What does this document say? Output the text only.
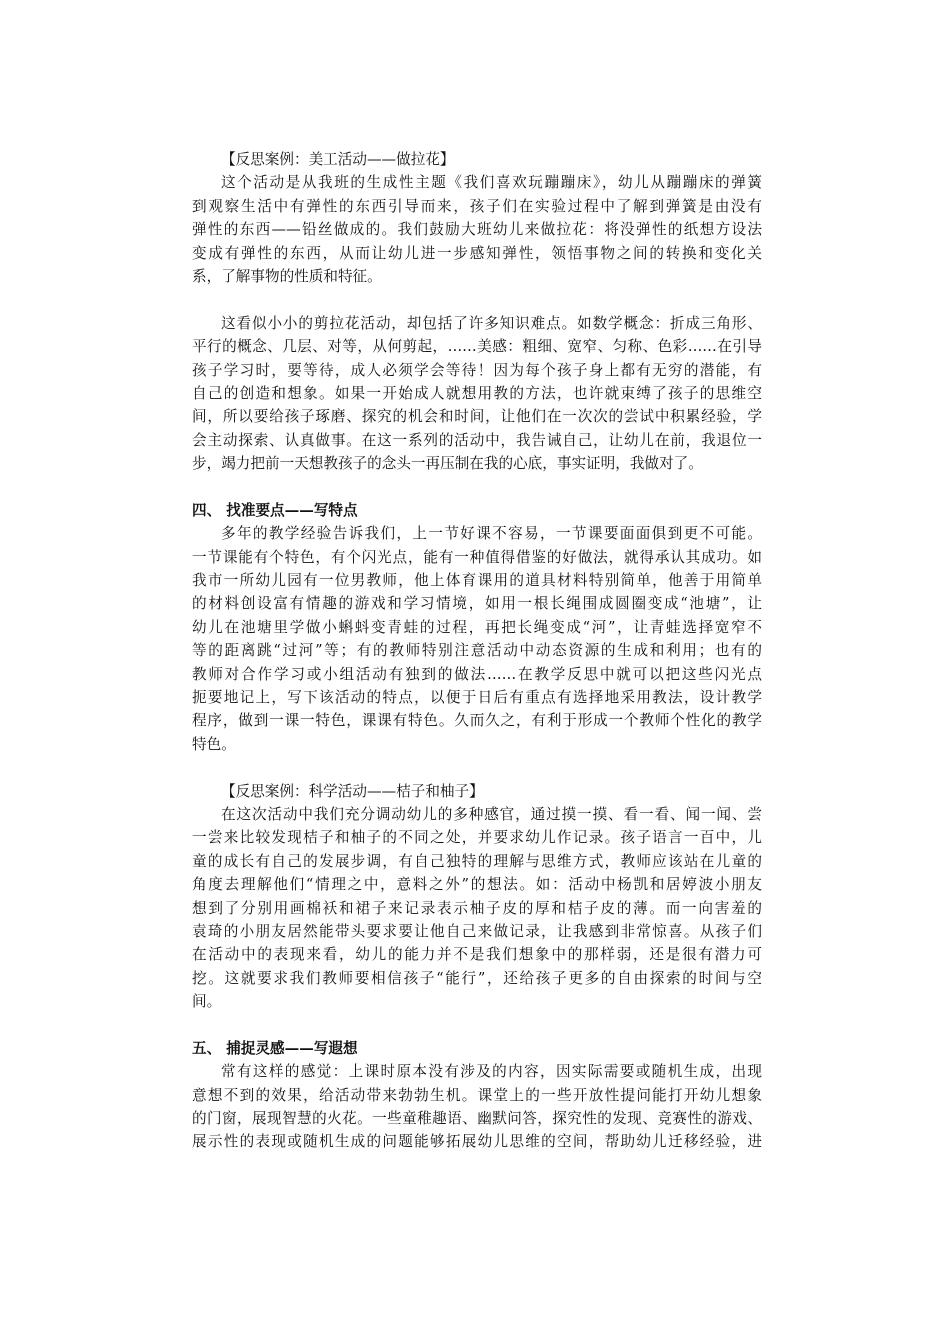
【反思案例：美工活动——做拉花】
这个活动是从我班的生成性主题《我们喜欢玩蹦蹦床》，幼儿从蹦蹦床的弹簧
到观察生活中有弹性的东西引导而来，孩子们在实验过程中了解到弹簧是由没有
弹性的东西——铅丝做成的。我们鼓励大班幼儿来做拉花：将没弹性的纸想方设法
变成有弹性的东西，从而让幼儿进一步感知弹性，领悟事物之间的转换和变化关
系，了解事物的性质和特征。
这看似小小的剪拉花活动，却包括了许多知识难点。如数学概念：折成三角形、
平行的概念、几层、对等，从何剪起，……美感：粗细、宽窄、匀称、色彩……在引导
孩子学习时，要等待，成人必须学会等待！因为每个孩子身上都有无穷的潜能，有
自己的创造和想象。如果一开始成人就想用教的方法，也许就束缚了孩子的思维空
间，所以要给孩子琢磨、探究的机会和时间，让他们在一次次的尝试中积累经验，学
会主动探索、认真做事。在这一系列的活动中，我告诫自己，让幼儿在前，我退位一
步，竭力把前一天想教孩子的念头一再压制在我的心底，事实证明，我做对了。
四、 找准要点——写特点
多年的教学经验告诉我们，上一节好课不容易，一节课要面面俱到更不可能。
一节课能有个特色，有个闪光点，能有一种值得借鉴的好做法，就得承认其成功。如
我市一所幼儿园有一位男教师，他上体育课用的道具材料特别简单，他善于用简单
的材料创设富有情趣的游戏和学习情境，如用一根长绳围成圆圈变成“池塘”，让
幼儿在池塘里学做小蝌蚪变青蛙的过程，再把长绳变成“河”，让青蛙选择宽窄不
等的距离跳“过河”等；有的教师特别注意活动中动态资源的生成和利用；也有的
教师对合作学习或小组活动有独到的做法……在教学反思中就可以把这些闪光点
扼要地记上，写下该活动的特点，以便于日后有重点有选择地采用教法，设计教学
程序，做到一课一特色，课课有特色。久而久之，有利于形成一个教师个性化的教学
特色。
【反思案例：科学活动——桔子和柚子】
在这次活动中我们充分调动幼儿的多种感官，通过摸一摸、看一看、闻一闻、尝
一尝来比较发现桔子和柚子的不同之处，并要求幼儿作记录。孩子语言一百中，儿
童的成长有自己的发展步调，有自己独特的理解与思维方式，教师应该站在儿童的
角度去理解他们“情理之中，意料之外”的想法。如：活动中杨凯和居婷波小朋友
想到了分别用画棉袄和裙子来记录表示柚子皮的厚和桔子皮的薄。而一向害羞的
袁琦的小朋友居然能带头要求要让他自己来做记录，让我感到非常惊喜。从孩子们
在活动中的表现来看，幼儿的能力并不是我们想象中的那样弱，还是很有潜力可
挖。这就要求我们教师要相信孩子“能行”，还给孩子更多的自由探索的时间与空
间。
五、 捕捉灵感——写遐想
常有这样的感觉：上课时原本没有涉及的内容，因实际需要或随机生成，出现
意想不到的效果，给活动带来勃勃生机。课堂上的一些开放性提问能打开幼儿想象
的门窗，展现智慧的火花。一些童稚趣语、幽默问答，探究性的发现、竞赛性的游戏、
展示性的表现或随机生成的问题能够拓展幼儿思维的空间，帮助幼儿迁移经验，进
